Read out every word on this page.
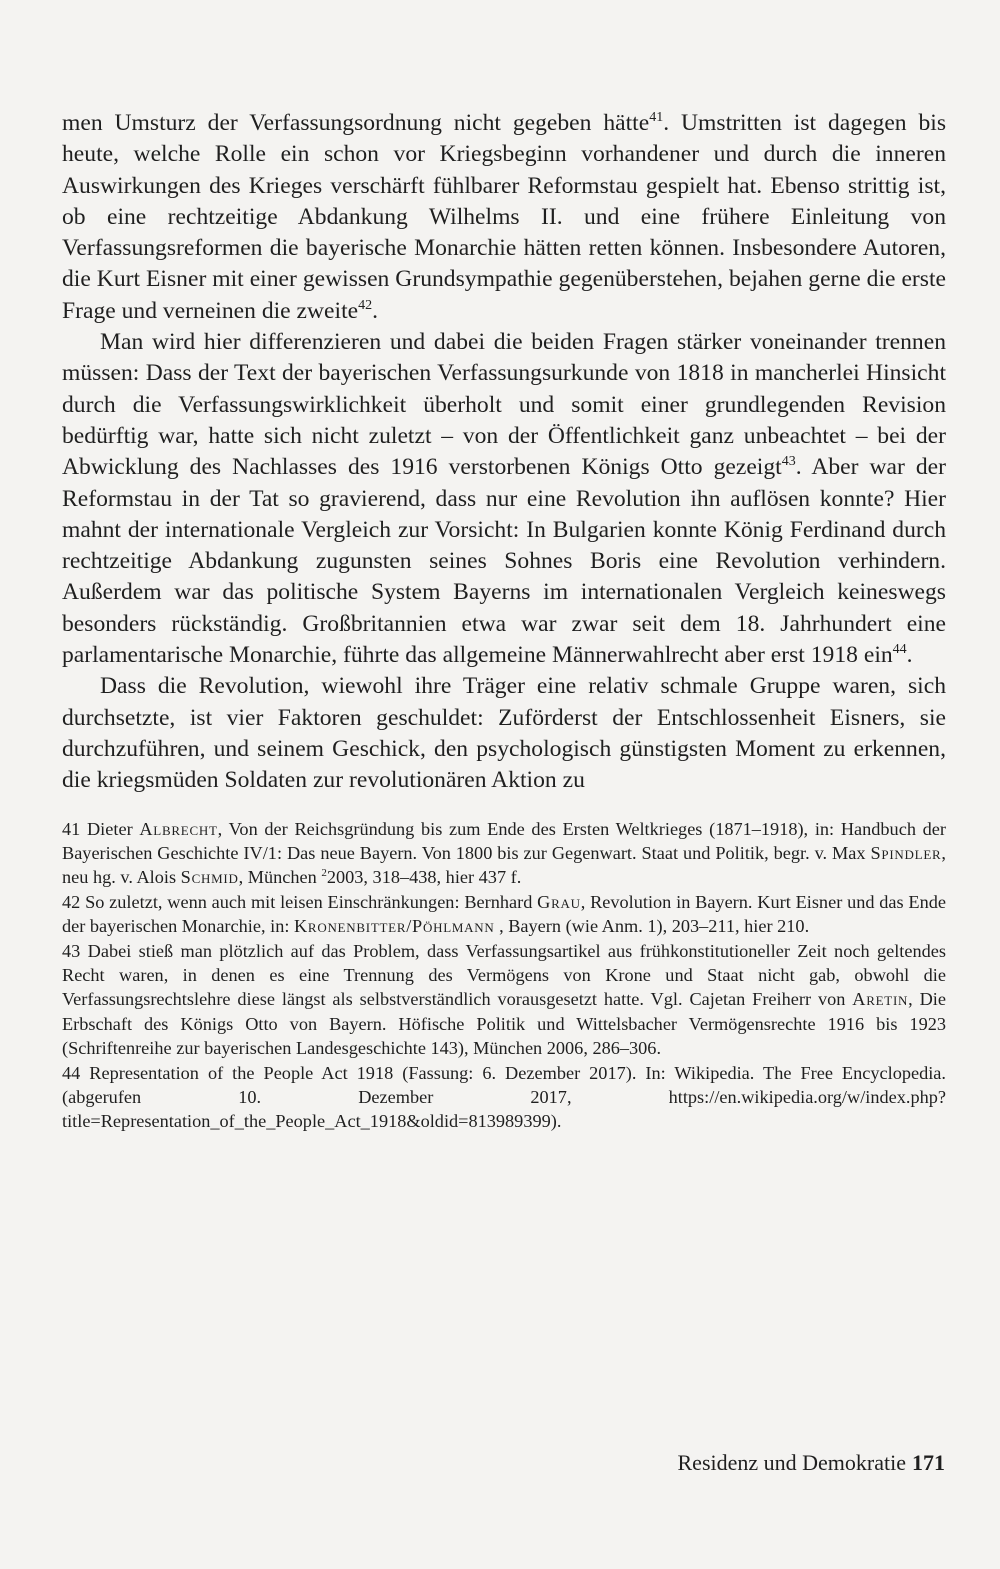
men Umsturz der Verfassungsordnung nicht gegeben hätte$^{41}$. Umstritten ist dagegen bis heute, welche Rolle ein schon vor Kriegsbeginn vorhandener und durch die inneren Auswirkungen des Krieges verschärft fühlbarer Reformstau gespielt hat. Ebenso strittig ist, ob eine rechtzeitige Abdankung Wilhelms II. und eine frühere Einleitung von Verfassungsreformen die bayerische Monarchie hätten retten können. Insbesondere Autoren, die Kurt Eisner mit einer gewissen Grundsympathie gegenüberstehen, bejahen gerne die erste Frage und verneinen die zweite$^{42}$.

Man wird hier differenzieren und dabei die beiden Fragen stärker voneinander trennen müssen: Dass der Text der bayerischen Verfassungsurkunde von 1818 in mancherlei Hinsicht durch die Verfassungswirklichkeit überholt und somit einer grundlegenden Revision bedürftig war, hatte sich nicht zuletzt – von der Öffentlichkeit ganz unbeachtet – bei der Abwicklung des Nachlasses des 1916 verstorbenen Königs Otto gezeigt$^{43}$. Aber war der Reformstau in der Tat so gravierend, dass nur eine Revolution ihn auflösen konnte? Hier mahnt der internationale Vergleich zur Vorsicht: In Bulgarien konnte König Ferdinand durch rechtzeitige Abdankung zugunsten seines Sohnes Boris eine Revolution verhindern. Außerdem war das politische System Bayerns im internationalen Vergleich keineswegs besonders rückständig. Großbritannien etwa war zwar seit dem 18. Jahrhundert eine parlamentarische Monarchie, führte das allgemeine Männerwahlrecht aber erst 1918 ein$^{44}$.

Dass die Revolution, wiewohl ihre Träger eine relativ schmale Gruppe waren, sich durchsetzte, ist vier Faktoren geschuldet: Zuförderst der Entschlossenheit Eisners, sie durchzuführen, und seinem Geschick, den psychologisch günstigsten Moment zu erkennen, die kriegsmüden Soldaten zur revolutionären Aktion zu

41 Dieter Albrecht, Von der Reichsgründung bis zum Ende des Ersten Weltkrieges (1871–1918), in: Handbuch der Bayerischen Geschichte IV/1: Das neue Bayern. Von 1800 bis zur Gegenwart. Staat und Politik, begr. v. Max Spindler, neu hg. v. Alois Schmid, München $^2$2003, 318–438, hier 437 f.

42 So zuletzt, wenn auch mit leisen Einschränkungen: Bernhard Grau, Revolution in Bayern. Kurt Eisner und das Ende der bayerischen Monarchie, in: Kronenbitter/Pöhlmann , Bayern (wie Anm. 1), 203–211, hier 210.

43 Dabei stieß man plötzlich auf das Problem, dass Verfassungsartikel aus frühkonstitutioneller Zeit noch geltendes Recht waren, in denen es eine Trennung des Vermögens von Krone und Staat nicht gab, obwohl die Verfassungsrechtslehre diese längst als selbstverständlich vorausgesetzt hatte. Vgl. Cajetan Freiherr von Aretin, Die Erbschaft des Königs Otto von Bayern. Höfische Politik und Wittelsbacher Vermögensrechte 1916 bis 1923 (Schriftenreihe zur bayerischen Landesgeschichte 143), München 2006, 286–306.

44 Representation of the People Act 1918 (Fassung: 6. Dezember 2017). In: Wikipedia. The Free Encyclopedia. (abgerufen 10. Dezember 2017, https://en.wikipedia.org/w/index.php?title=Representation_of_the_People_Act_1918&oldid=813989399).

Residenz und Demokratie 171
